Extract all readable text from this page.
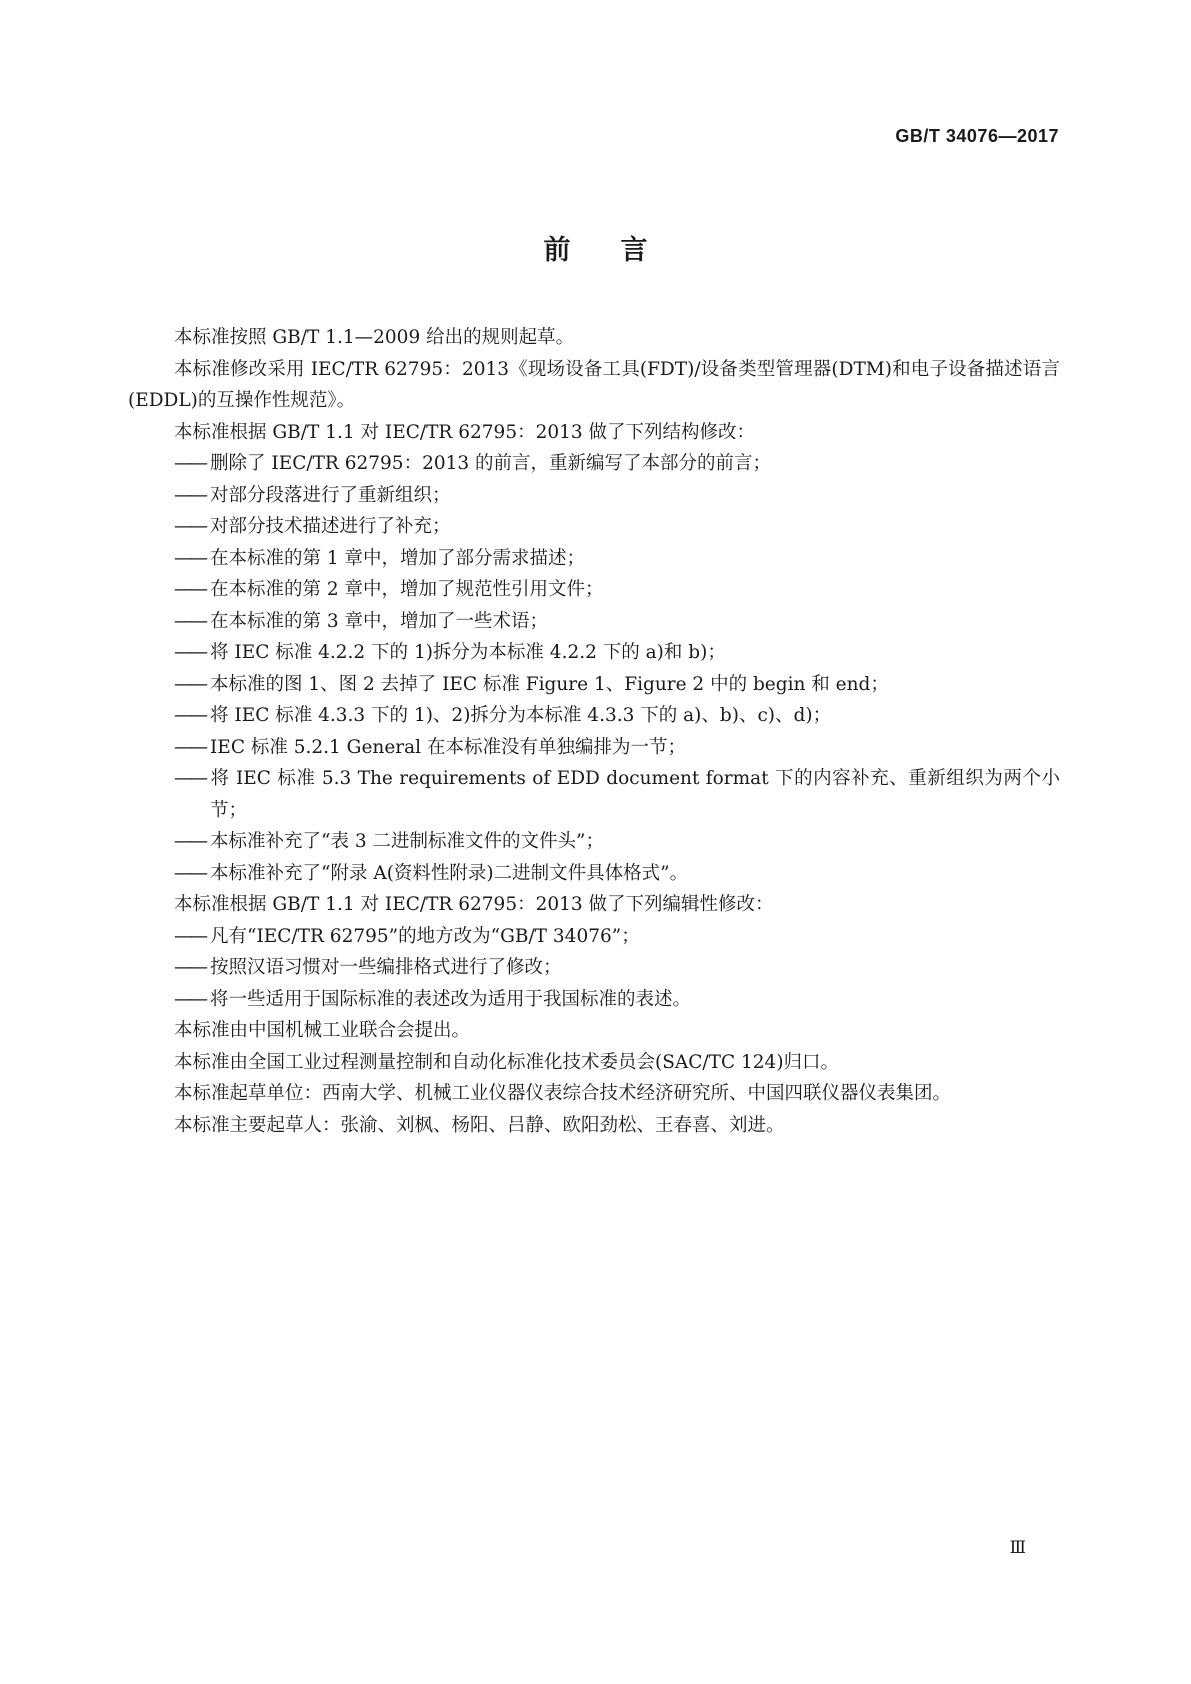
GB/T 34076—2017
前言

本标准按照 GB/T 1.1—2009 给出的规则起草。

本标准修改采用 IEC/TR 62795：2013《现场设备工具(FDT)/设备类型管理器(DTM)和电子设备描述语言(EDDL)的互操作性规范》。

本标准根据 GB/T 1.1 对 IEC/TR 62795：2013 做了下列结构修改：

—— 删除了 IEC/TR 62795：2013 的前言，重新编写了本部分的前言；

—— 对部分段落进行了重新组织；

—— 对部分技术描述进行了补充；

—— 在本标准的第 1 章中，增加了部分需求描述；

—— 在本标准的第 2 章中，增加了规范性引用文件；

—— 在本标准的第 3 章中，增加了一些术语；

—— 将 IEC 标准 4.2.2 下的 1)拆分为本标准 4.2.2 下的 a)和 b)；

—— 本标准的图 1、图 2 去掉了 IEC 标准 Figure 1、Figure 2 中的 begin 和 end；

—— 将 IEC 标准 4.3.3 下的 1)、2)拆分为本标准 4.3.3 下的 a)、b)、c)、d)；

—— IEC 标准 5.2.1 General 在本标准没有单独编排为一节；

—— 将 IEC 标准 5.3 The requirements of EDD document format 下的内容补充、重新组织为两个小节；

—— 本标准补充了“表 3 二进制标准文件的文件头”；

—— 本标准补充了“附录 A(资料性附录)二进制文件具体格式”。

本标准根据 GB/T 1.1 对 IEC/TR 62795：2013 做了下列编辑性修改：

—— 凡有“IEC/TR 62795”的地方改为“GB/T 34076”；

—— 按照汉语习惯对一些编排格式进行了修改；

—— 将一些适用于国际标准的表述改为适用于我国标准的表述。

本标准由中国机械工业联合会提出。

本标准由全国工业过程测量控制和自动化标准化技术委员会(SAC/TC 124)归口。

本标准起草单位：西南大学、机械工业仪器仪表综合技术经济研究所、中国四联仪器仪表集团。

本标准主要起草人：张渝、刘枫、杨阳、吕静、欧阳劲松、王春喜、刘进。

Ⅲ
